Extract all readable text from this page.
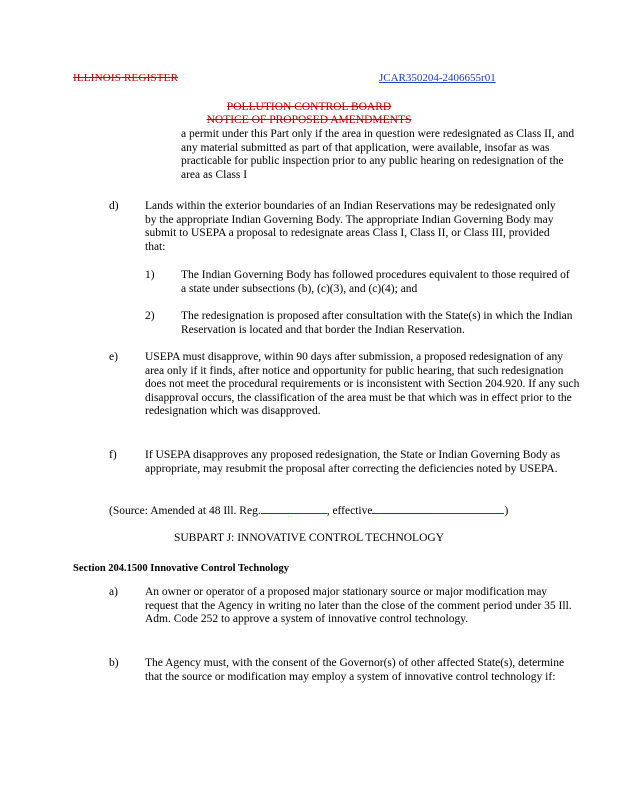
ILLINOIS REGISTER	JCAR350204-2406655r01
POLLUTION CONTROL BOARD
NOTICE OF PROPOSED AMENDMENTS
a permit under this Part only if the area in question were redesignated as Class II, and any material submitted as part of that application, were available, insofar as was practicable for public inspection prior to any public hearing on redesignation of the area as Class I
d) Lands within the exterior boundaries of an Indian Reservations may be redesignated only by the appropriate Indian Governing Body. The appropriate Indian Governing Body may submit to USEPA a proposal to redesignate areas Class I, Class II, or Class III, provided that:
1) The Indian Governing Body has followed procedures equivalent to those required of a state under subsections (b), (c)(3), and (c)(4); and
2) The redesignation is proposed after consultation with the State(s) in which the Indian Reservation is located and that border the Indian Reservation.
e) USEPA must disapprove, within 90 days after submission, a proposed redesignation of any area only if it finds, after notice and opportunity for public hearing, that such redesignation does not meet the procedural requirements or is inconsistent with Section 204.920. If any such disapproval occurs, the classification of the area must be that which was in effect prior to the redesignation which was disapproved.
f) If USEPA disapproves any proposed redesignation, the State or Indian Governing Body as appropriate, may resubmit the proposal after correcting the deficiencies noted by USEPA.
(Source: Amended at 48 Ill. Reg.	, effective	)
SUBPART J: INNOVATIVE CONTROL TECHNOLOGY
Section 204.1500 Innovative Control Technology
a) An owner or operator of a proposed major stationary source or major modification may request that the Agency in writing no later than the close of the comment period under 35 Ill. Adm. Code 252 to approve a system of innovative control technology.
b) The Agency must, with the consent of the Governor(s) of other affected State(s), determine that the source or modification may employ a system of innovative control technology if:
